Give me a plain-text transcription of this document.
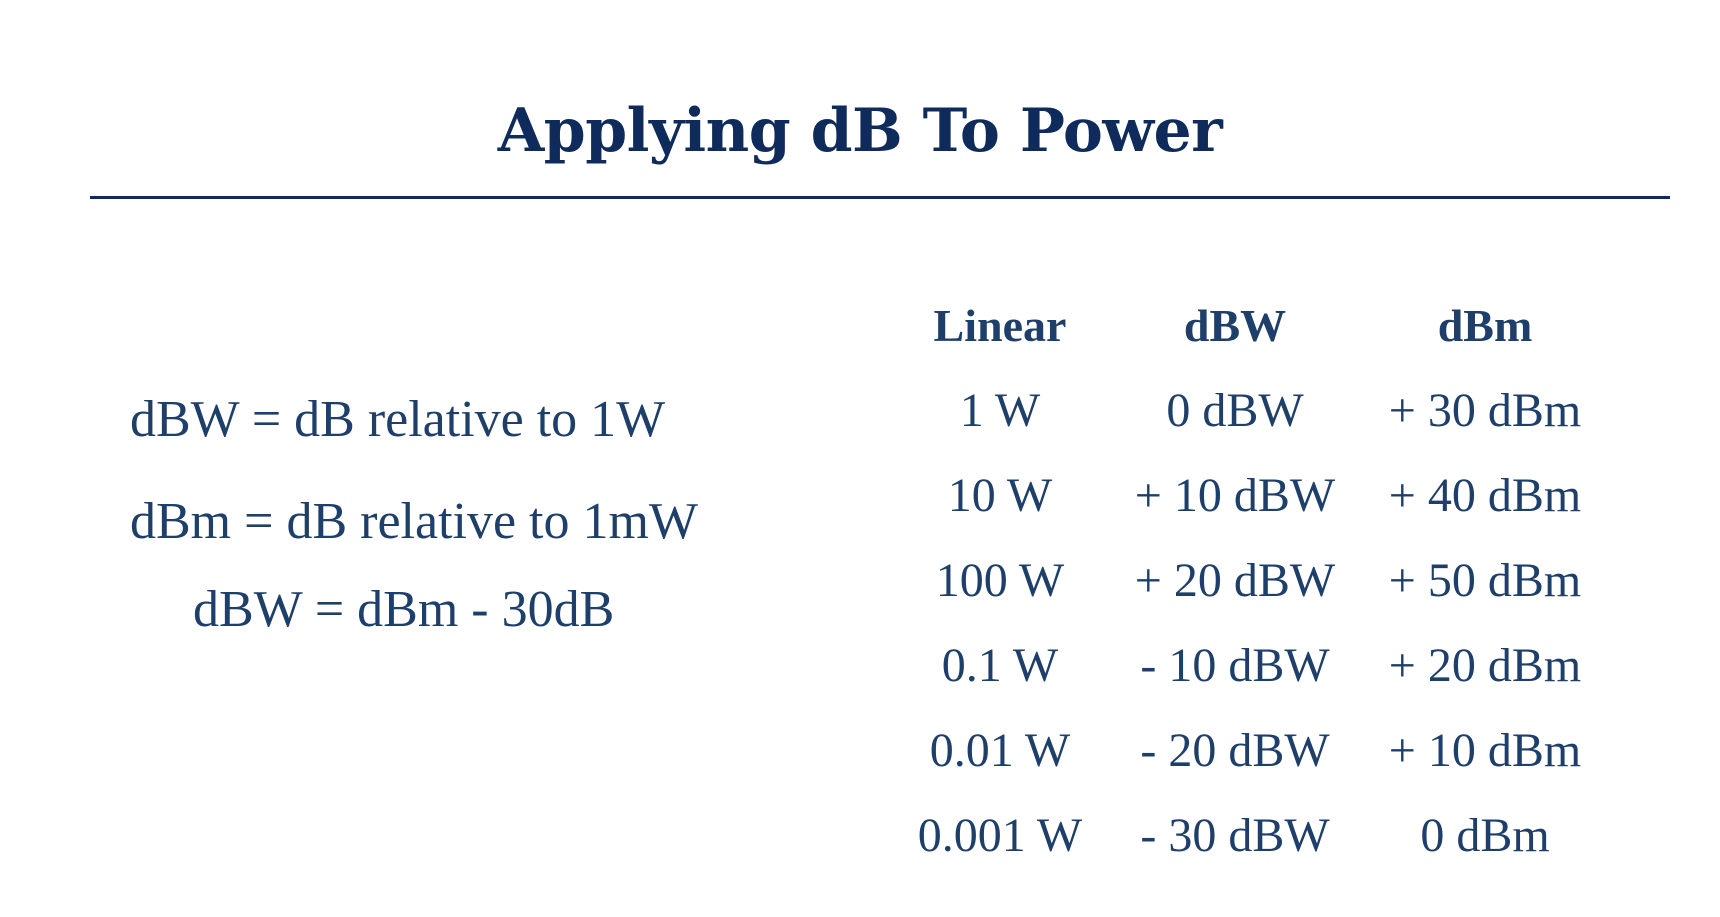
Applying dB To Power
dBW = dB relative to 1W
dBm = dB relative to 1mW
dBW = dBm - 30dB
Linear	dBW	dBm
1 W	0 dBW	+ 30 dBm
10 W	+ 10 dBW	+ 40 dBm
100 W	+ 20 dBW	+ 50 dBm
0.1 W	- 10 dBW	+ 20 dBm
0.01 W	- 20 dBW	+ 10 dBm
0.001 W	- 30 dBW	0 dBm
